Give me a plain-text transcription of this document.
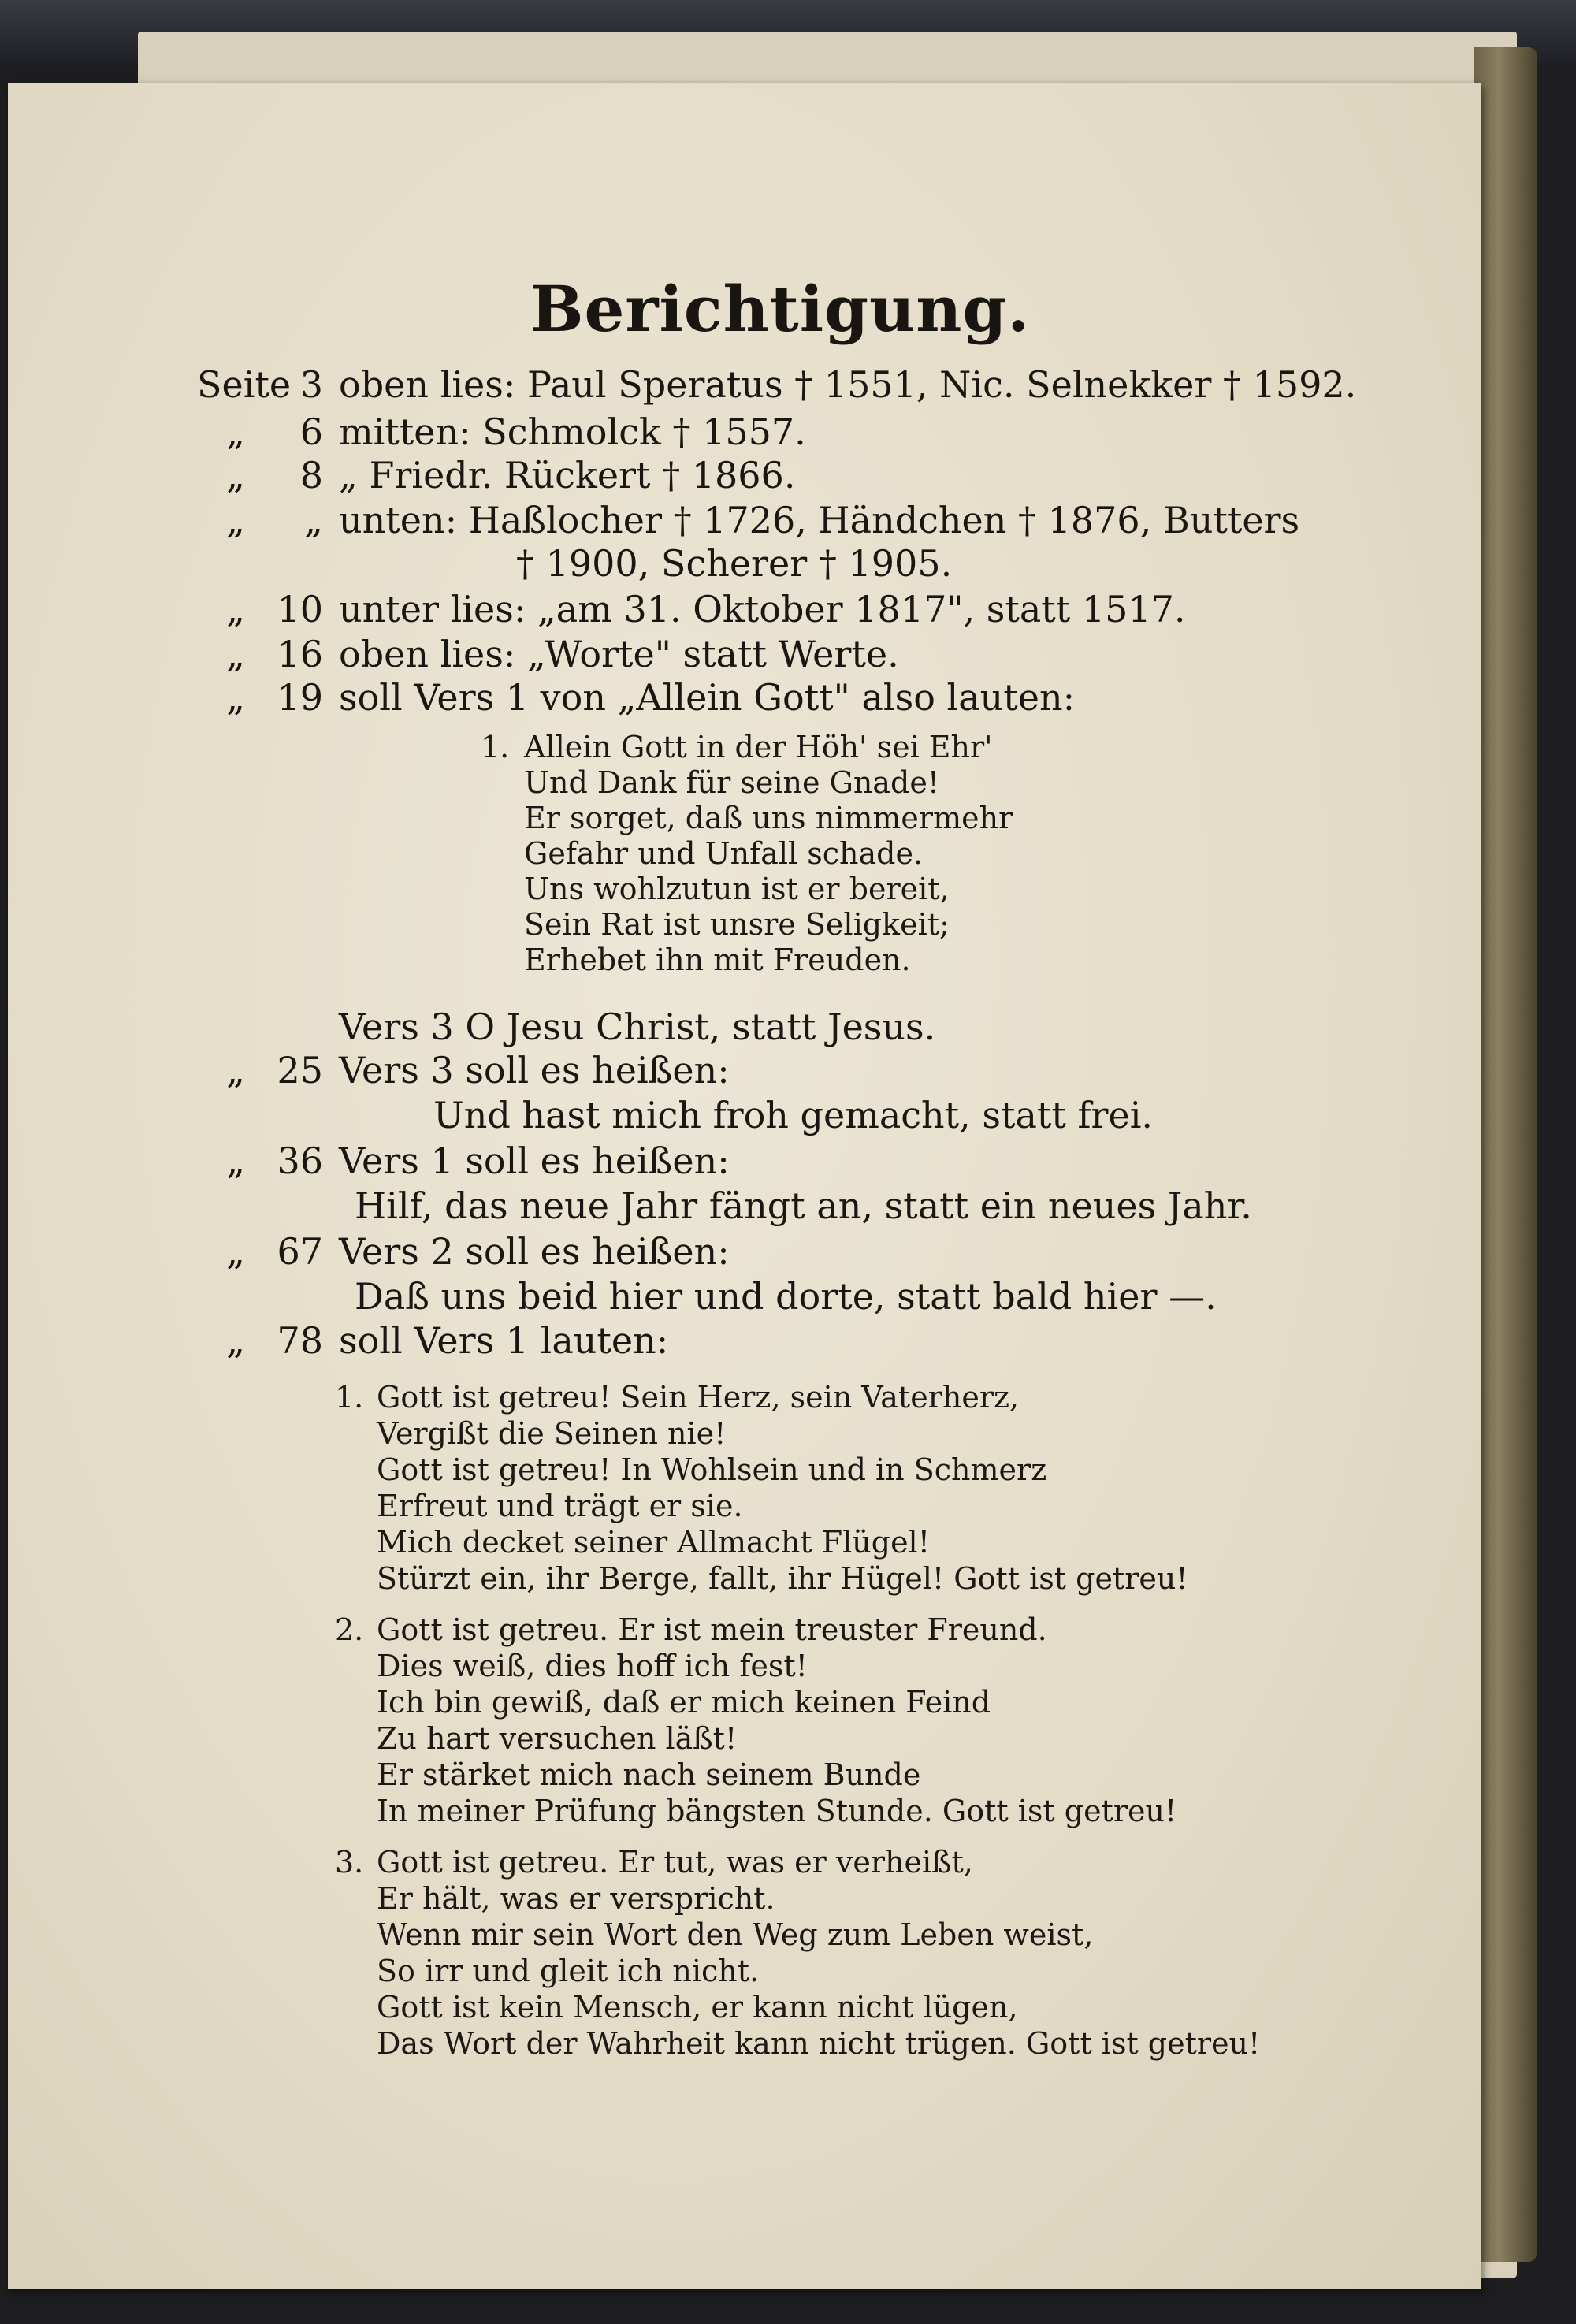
Berichtigung.
Seite 3 oben lies: Paul Speratus † 1551, Nic. Selnekker † 1592.
„	6 mitten: Schmolck † 1557.
„	8 „ Friedr. Rückert † 1866.
„	„ unten: Haßlocher † 1726, Händchen † 1876, Butters
† 1900, Scherer † 1905.
„ 10 unter lies: „am 31. Oktober 1817", statt 1517.
„ 16 oben lies: „Worte" statt Werte.
„ 19 soll Vers 1 von „Allein Gott" also lauten:
1. Allein Gott in der Höh' sei Ehr'
Und Dank für seine Gnade!
Er sorget, daß uns nimmermehr
Gefahr und Unfall schade.
Uns wohlzutun ist er bereit,
Sein Rat ist unsre Seligkeit;
Erhebet ihn mit Freuden.
Vers 3 O Jesu Christ, statt Jesus.
„ 25 Vers 3 soll es heißen:
Und hast mich froh gemacht, statt frei.
„ 36 Vers 1 soll es heißen:
Hilf, das neue Jahr fängt an, statt ein neues Jahr.
„ 67 Vers 2 soll es heißen:
Daß uns beid hier und dorte, statt bald hier —.
„ 78 soll Vers 1 lauten:
1. Gott ist getreu! Sein Herz, sein Vaterherz,
Vergißt die Seinen nie!
Gott ist getreu! In Wohlsein und in Schmerz
Erfreut und trägt er sie.
Mich decket seiner Allmacht Flügel!
Stürzt ein, ihr Berge, fallt, ihr Hügel! Gott ist getreu!
2. Gott ist getreu. Er ist mein treuster Freund.
Dies weiß, dies hoff ich fest!
Ich bin gewiß, daß er mich keinen Feind
Zu hart versuchen läßt!
Er stärket mich nach seinem Bunde
In meiner Prüfung bängsten Stunde. Gott ist getreu!
3. Gott ist getreu. Er tut, was er verheißt,
Er hält, was er verspricht.
Wenn mir sein Wort den Weg zum Leben weist,
So irr und gleit ich nicht.
Gott ist kein Mensch, er kann nicht lügen,
Das Wort der Wahrheit kann nicht trügen. Gott ist getreu!
